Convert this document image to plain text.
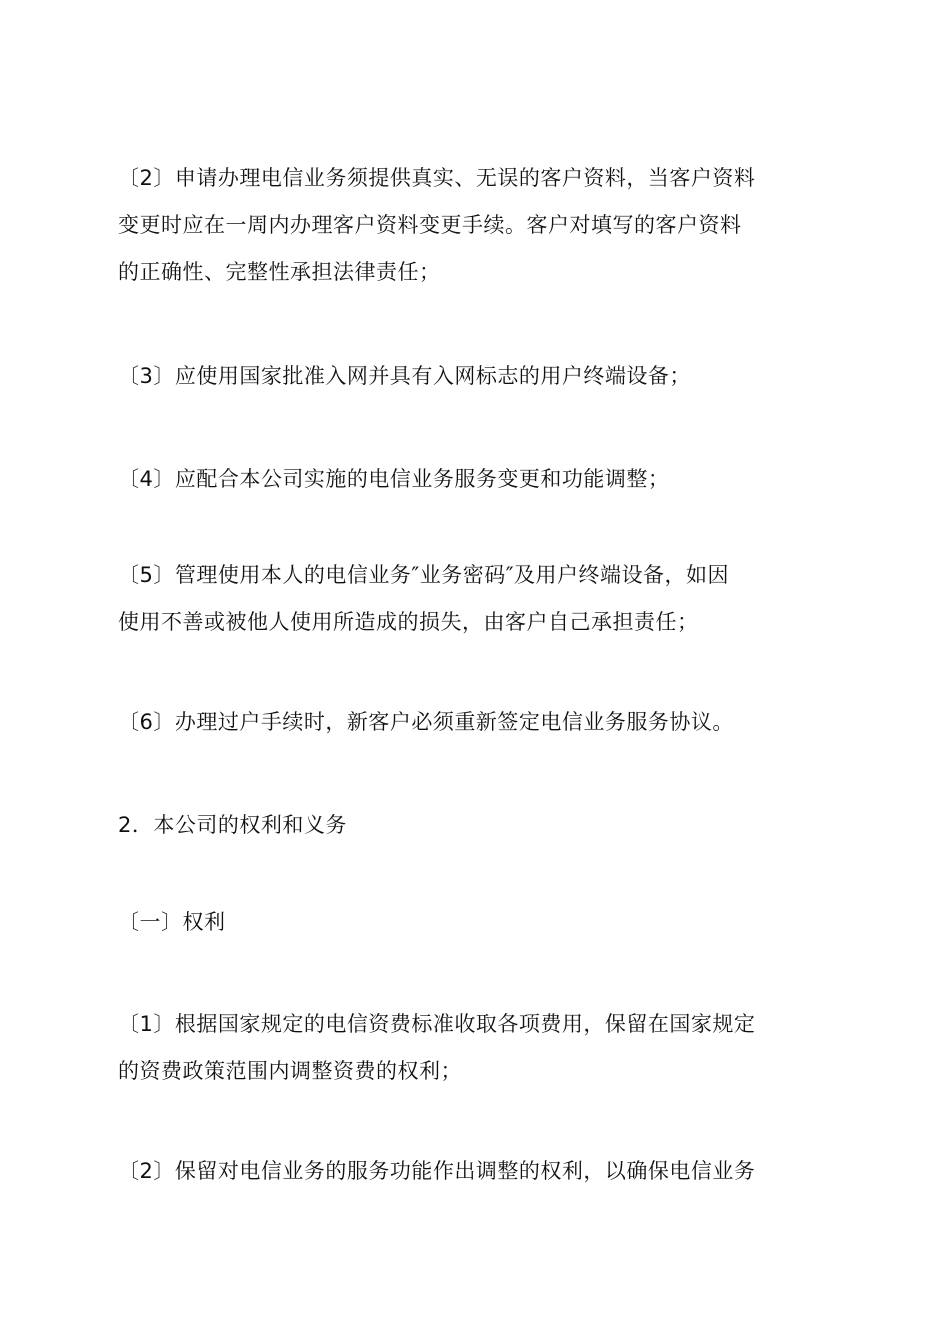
〔2〕申请办理电信业务须提供真实、无误的客户资料，当客户资料
变更时应在一周内办理客户资料变更手续。客户对填写的客户资料
的正确性、完整性承担法律责任；

〔3〕应使用国家批准入网并具有入网标志的用户终端设备；

〔4〕应配合本公司实施的电信业务服务变更和功能调整；

〔5〕管理使用本人的电信业务″业务密码″及用户终端设备，如因
使用不善或被他人使用所造成的损失，由客户自己承担责任；

〔6〕办理过户手续时，新客户必须重新签定电信业务服务协议。

2．本公司的权利和义务

〔一〕权利

〔1〕根据国家规定的电信资费标准收取各项费用，保留在国家规定
的资费政策范围内调整资费的权利；

〔2〕保留对电信业务的服务功能作出调整的权利，以确保电信业务
